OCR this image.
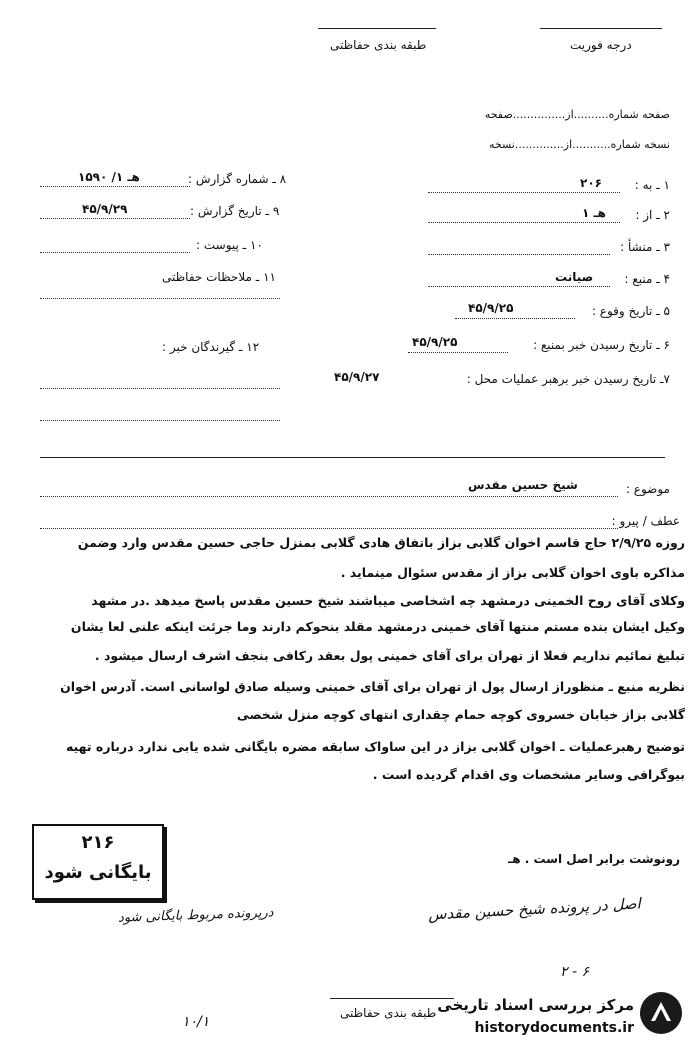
طبقه بندی حفاظتی	درجه فوریت
صفحه شماره..........از...............صفحه
نسخه شماره...........از..............نسخه
۱ ـ به :
۲۰۶
۲ ـ از :
هـ ۱
۳ ـ منشأ :
۴ ـ منبع :
صیانت
۵ ـ تاریخ وقوع :
۴۵/۹/۲۵
۶ ـ تاریخ رسیدن خبر بمنبع :
۴۵/۹/۲۵
۷ـ تاریخ رسیدن خبر برهبر عملیات محل :
۴۵/۹/۲۷
۸ ـ شماره گزارش :
۱۵۹۰ /هـ ۱
۹ ـ تاریخ گزارش :
۴۵/۹/۲۹
۱۰ ـ پیوست :
۱۱ ـ ملاحظات حفاظتی
۱۲ ـ گیرندگان خبر :
موضوع :
شیخ حسین مقدس
عطف / پیرو :
روزه ۲/۹/۲۵ حاج قاسم اخوان گلابی بزاز باتفاق هادی گلابی بمنزل حاجی حسین مقدس وارد وضمن
مذاکره باوی اخوان گلابی بزاز از مقدس سئوال مینماید .
وکلای آقای روح الخمینی درمشهد چه اشخاصی میباشند شیخ حسین مقدس پاسخ میدهد .در مشهد
وکیل ایشان بنده مستم منتها آقای خمینی درمشهد مقلد بنحوکم دارند وما جرئت اینکه علنی لعا یشان
تبلیغ نمائیم نداریم فعلا از تهران برای آقای خمینی پول بعقد رکافی بنجف اشرف ارسال میشود .
نظریه منبع ـ منظوراز ارسال پول از تهران برای آقای خمینی وسیله صادق لواسانی است. آدرس اخوان
گلابی بزاز خیابان خسروی کوچه حمام چقداری انتهای کوچه منزل شخصی
توضیح رهبرعملیات ـ اخوان گلابی بزاز در این ساواک سابقه مضره بایگانی شده یابی ندارد درباره تهیه
بیوگرافی وسایر مشخصات وی اقدام گردیده است .
رونوشت برابر اصل است . هـ
۲۱۶
بایگانی شود
درپرونده مربوط بایگانی شود	اصل در پرونده شیخ حسین مقدس
۱۰/۱
۲ - ۶
طبقه بندی حفاظتی مرکز بررسی اسناد تاریخی
historydocuments.ir
